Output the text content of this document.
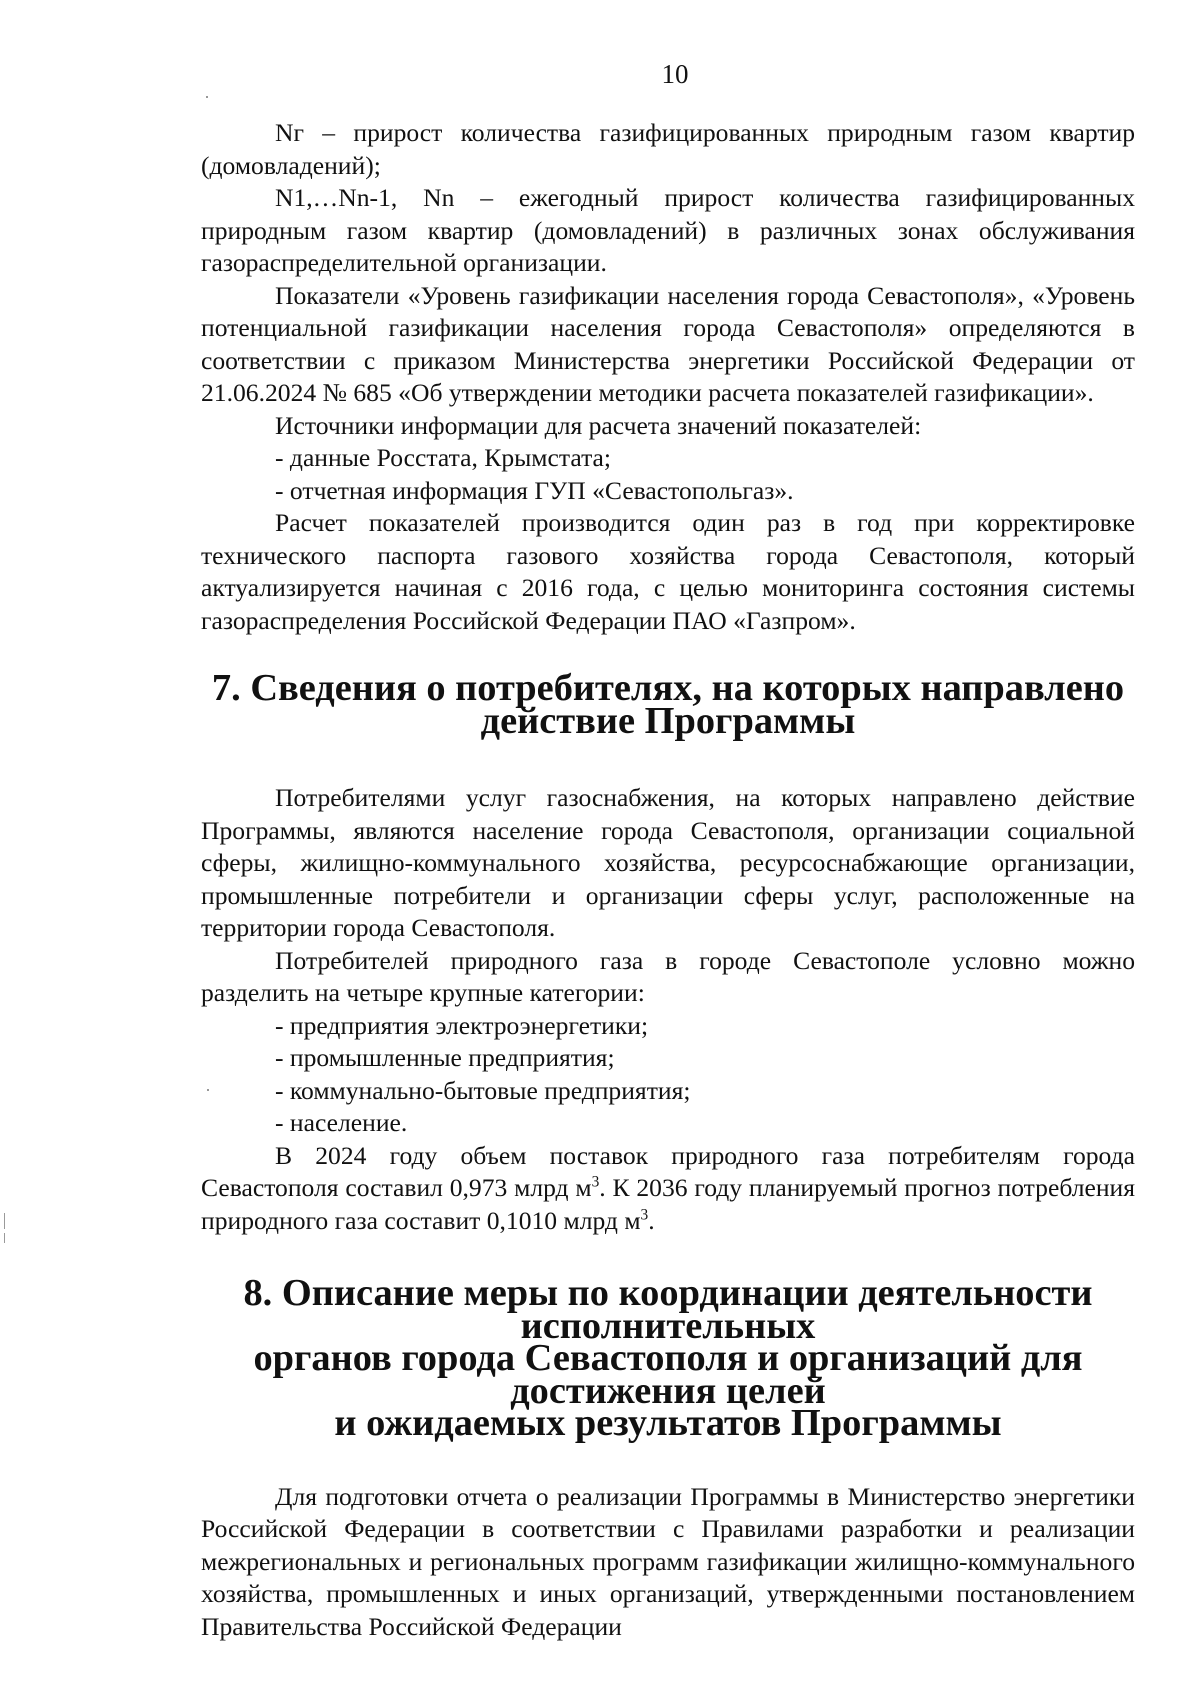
10

Nг – прирост количества газифицированных природным газом квартир (домовладений);

N1,…Nn-1, Nn – ежегодный прирост количества газифицированных природным газом квартир (домовладений) в различных зонах обслуживания газораспределительной организации.

Показатели «Уровень газификации населения города Севастополя», «Уровень потенциальной газификации населения города Севастополя» определяются в соответствии с приказом Министерства энергетики Российской Федерации от 21.06.2024 № 685 «Об утверждении методики расчета показателей газификации».

Источники информации для расчета значений показателей:

- данные Росстата, Крымстата;

- отчетная информация ГУП «Севастопольгаз».

Расчет показателей производится один раз в год при корректировке технического паспорта газового хозяйства города Севастополя, который актуализируется начиная с 2016 года, с целью мониторинга состояния системы газораспределения Российской Федерации ПАО «Газпром».

7. Сведения о потребителях, на которых направлено
действие Программы

Потребителями услуг газоснабжения, на которых направлено действие Программы, являются население города Севастополя, организации социальной сферы, жилищно-коммунального хозяйства, ресурсоснабжающие организации, промышленные потребители и организации сферы услуг, расположенные на территории города Севастополя.

Потребителей природного газа в городе Севастополе условно можно разделить на четыре крупные категории:

- предприятия электроэнергетики;

- промышленные предприятия;

- коммунально-бытовые предприятия;

- население.

В 2024 году объем поставок природного газа потребителям города Севастополя составил 0,973 млрд $м^3$. К 2036 году планируемый прогноз потребления природного газа составит 0,1010 млрд $м^3$.

8. Описание меры по координации деятельности исполнительных
органов города Севастополя и организаций для достижения целей
и ожидаемых результатов Программы

Для подготовки отчета о реализации Программы в Министерство энергетики Российской Федерации в соответствии с Правилами разработки и реализации межрегиональных и региональных программ газификации жилищно-коммунального хозяйства, промышленных и иных организаций, утвержденными постановлением Правительства Российской Федерации
